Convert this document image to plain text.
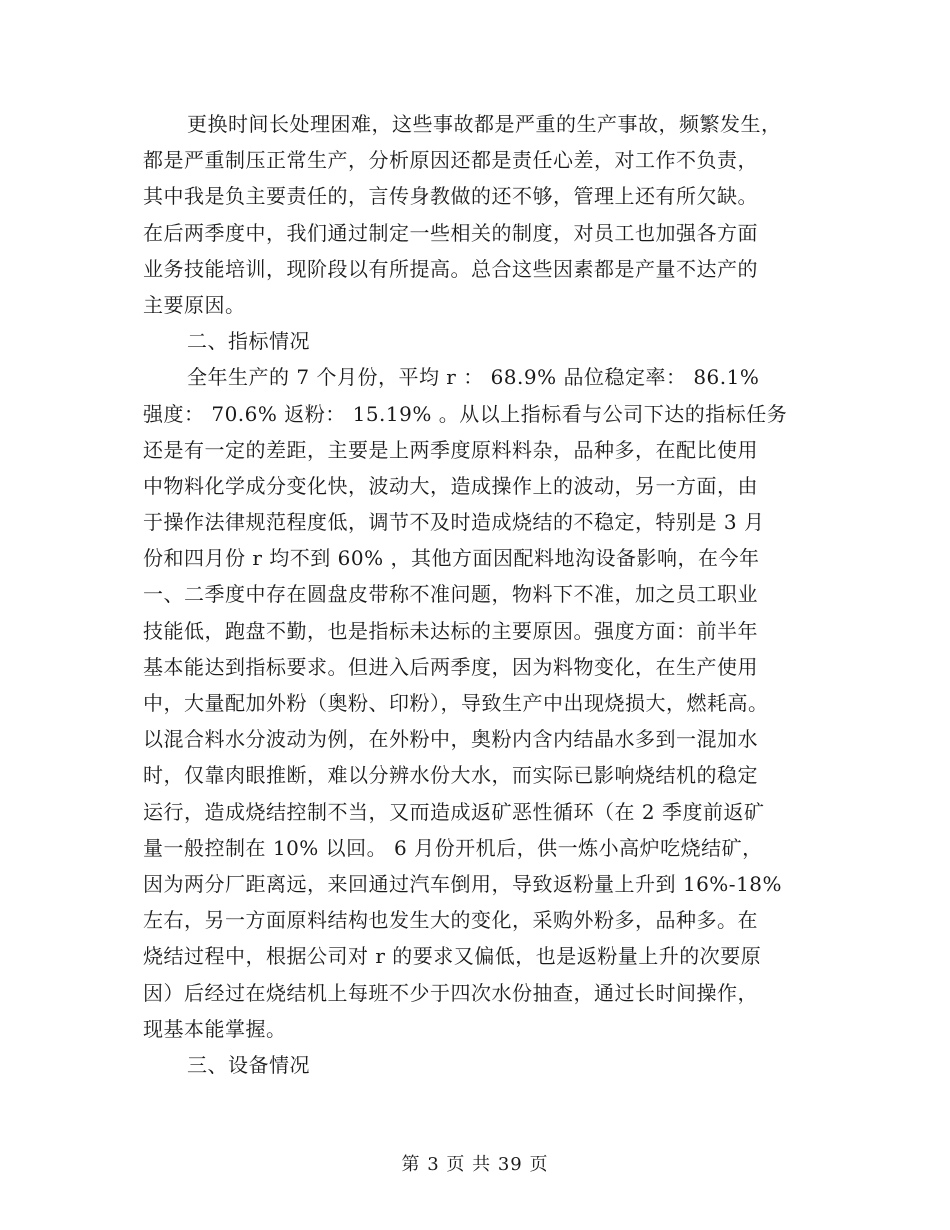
更换时间长处理困难，这些事故都是严重的生产事故，频繁发生，
都是严重制压正常生产，分析原因还都是责任心差，对工作不负责，
其中我是负主要责任的，言传身教做的还不够，管理上还有所欠缺。
在后两季度中，我们通过制定一些相关的制度，对员工也加强各方面
业务技能培训，现阶段以有所提高。总合这些因素都是产量不达产的
主要原因。

二、指标情况

全年生产的 7 个月份，平均 r ： 68.9% 品位稳定率： 86.1%
强度： 70.6% 返粉： 15.19% 。从以上指标看与公司下达的指标任务
还是有一定的差距，主要是上两季度原料料杂，品种多，在配比使用
中物料化学成分变化快，波动大，造成操作上的波动，另一方面，由
于操作法律规范程度低，调节不及时造成烧结的不稳定，特别是 3 月
份和四月份 r 均不到 60% ，其他方面因配料地沟设备影响，在今年
一、二季度中存在圆盘皮带称不准问题，物料下不准，加之员工职业
技能低，跑盘不勤，也是指标未达标的主要原因。强度方面：前半年
基本能达到指标要求。但进入后两季度，因为料物变化，在生产使用
中，大量配加外粉（奥粉、印粉），导致生产中出现烧损大，燃耗高。
以混合料水分波动为例，在外粉中，奥粉内含内结晶水多到一混加水
时，仅靠肉眼推断，难以分辨水份大水，而实际已影响烧结机的稳定
运行，造成烧结控制不当，又而造成返矿恶性循环（在 2 季度前返矿
量一般控制在 10% 以回。 6 月份开机后，供一炼小高炉吃烧结矿，
因为两分厂距离远，来回通过汽车倒用，导致返粉量上升到 16%-18%
左右，另一方面原料结构也发生大的变化，采购外粉多，品种多。在
烧结过程中，根据公司对 r 的要求又偏低，也是返粉量上升的次要原
因）后经过在烧结机上每班不少于四次水份抽查，通过长时间操作，
现基本能掌握。

三、设备情况

第 3 页 共 39 页
